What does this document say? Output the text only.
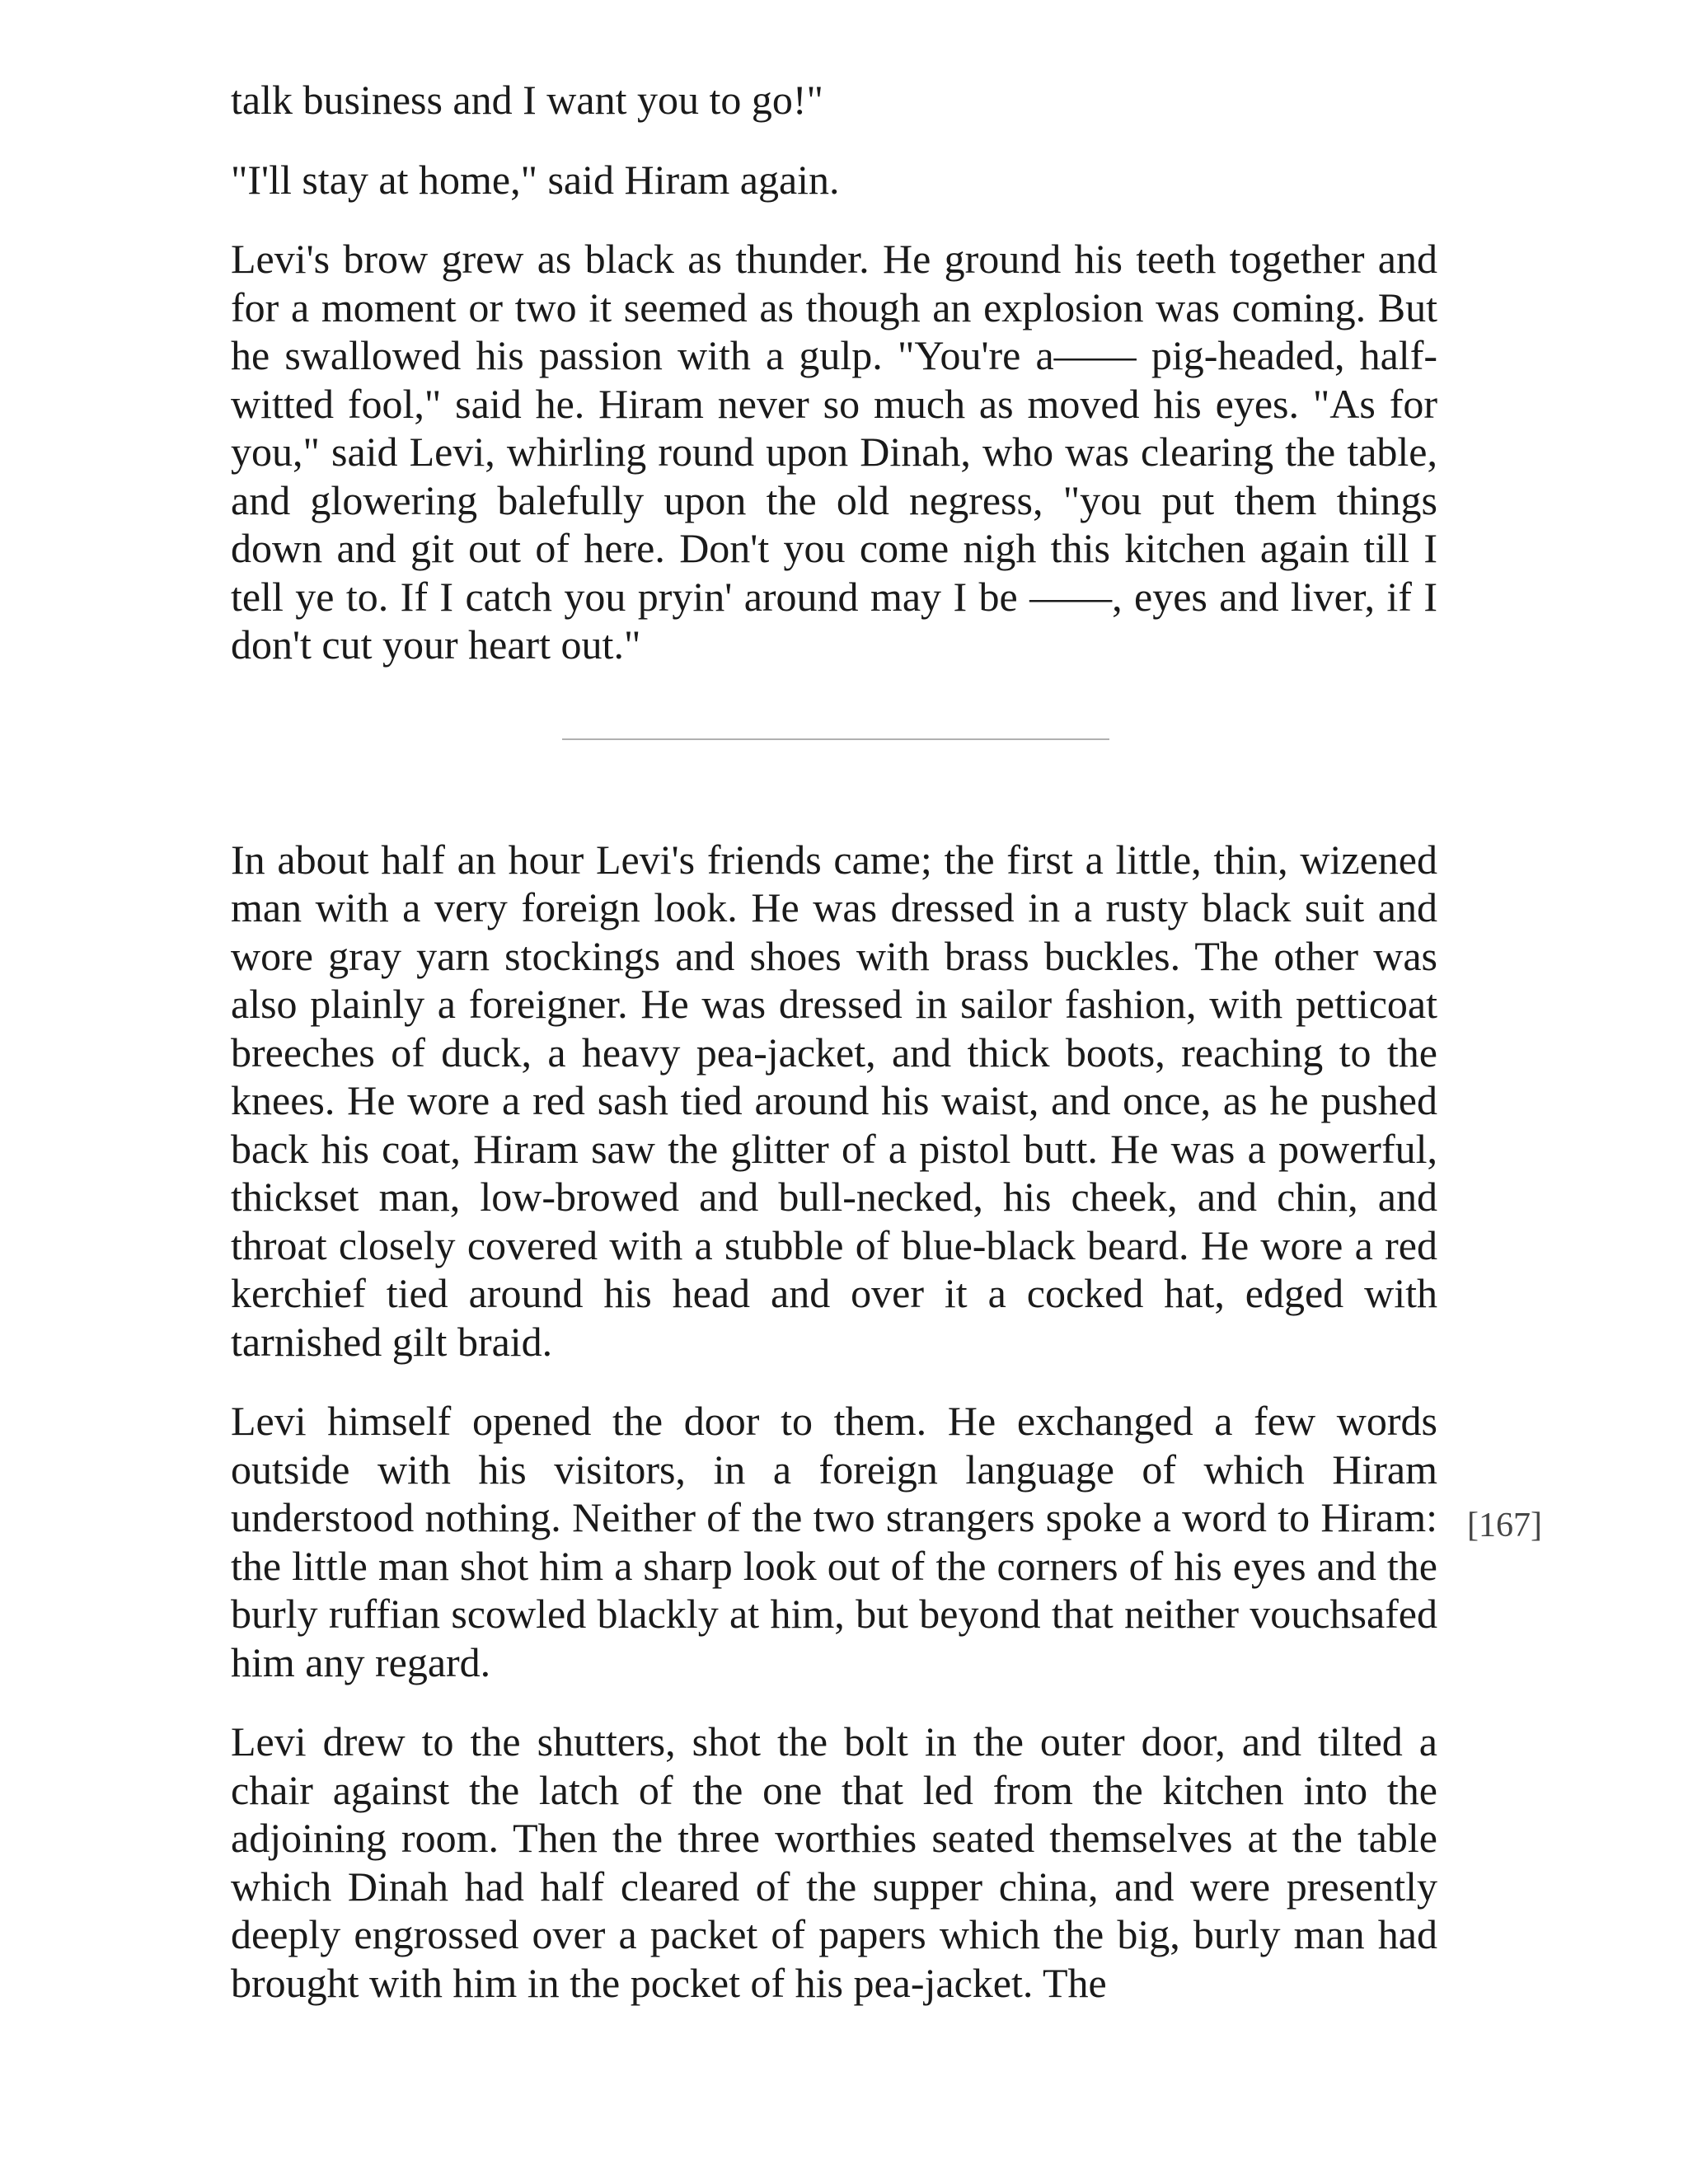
talk business and I want you to go!"

"I'll stay at home," said Hiram again.

Levi's brow grew as black as thunder. He ground his teeth together and for a moment or two it seemed as though an explosion was coming. But he swallowed his passion with a gulp. "You're a—— pig-headed, half-witted fool," said he. Hiram never so much as moved his eyes. "As for you," said Levi, whirling round upon Dinah, who was clearing the table, and glowering balefully upon the old negress, "you put them things down and git out of here. Don't you come nigh this kitchen again till I tell ye to. If I catch you pryin' around may I be ——, eyes and liver, if I don't cut your heart out."

In about half an hour Levi's friends came; the first a little, thin, wizened man with a very foreign look. He was dressed in a rusty black suit and wore gray yarn stockings and shoes with brass buckles. The other was also plainly a foreigner. He was dressed in sailor fashion, with petticoat breeches of duck, a heavy pea-jacket, and thick boots, reaching to the knees. He wore a red sash tied around his waist, and once, as he pushed back his coat, Hiram saw the glitter of a pistol butt. He was a powerful, thickset man, low-browed and bull-necked, his cheek, and chin, and throat closely covered with a stubble of blue-black beard. He wore a red kerchief tied around his head and over it a cocked hat, edged with tarnished gilt braid.

Levi himself opened the door to them. He exchanged a few words outside with his visitors, in a foreign language of which Hiram understood nothing. Neither of the two strangers spoke a word to Hiram: the little man shot him a sharp look out of the corners of his eyes and the burly ruffian scowled blackly at him, but beyond that neither vouchsafed him any regard.

Levi drew to the shutters, shot the bolt in the outer door, and tilted a chair against the latch of the one that led from the kitchen into the adjoining room. Then the three worthies seated themselves at the table which Dinah had half cleared of the supper china, and were presently deeply engrossed over a packet of papers which the big, burly man had brought with him in the pocket of his pea-jacket. The

[167]
